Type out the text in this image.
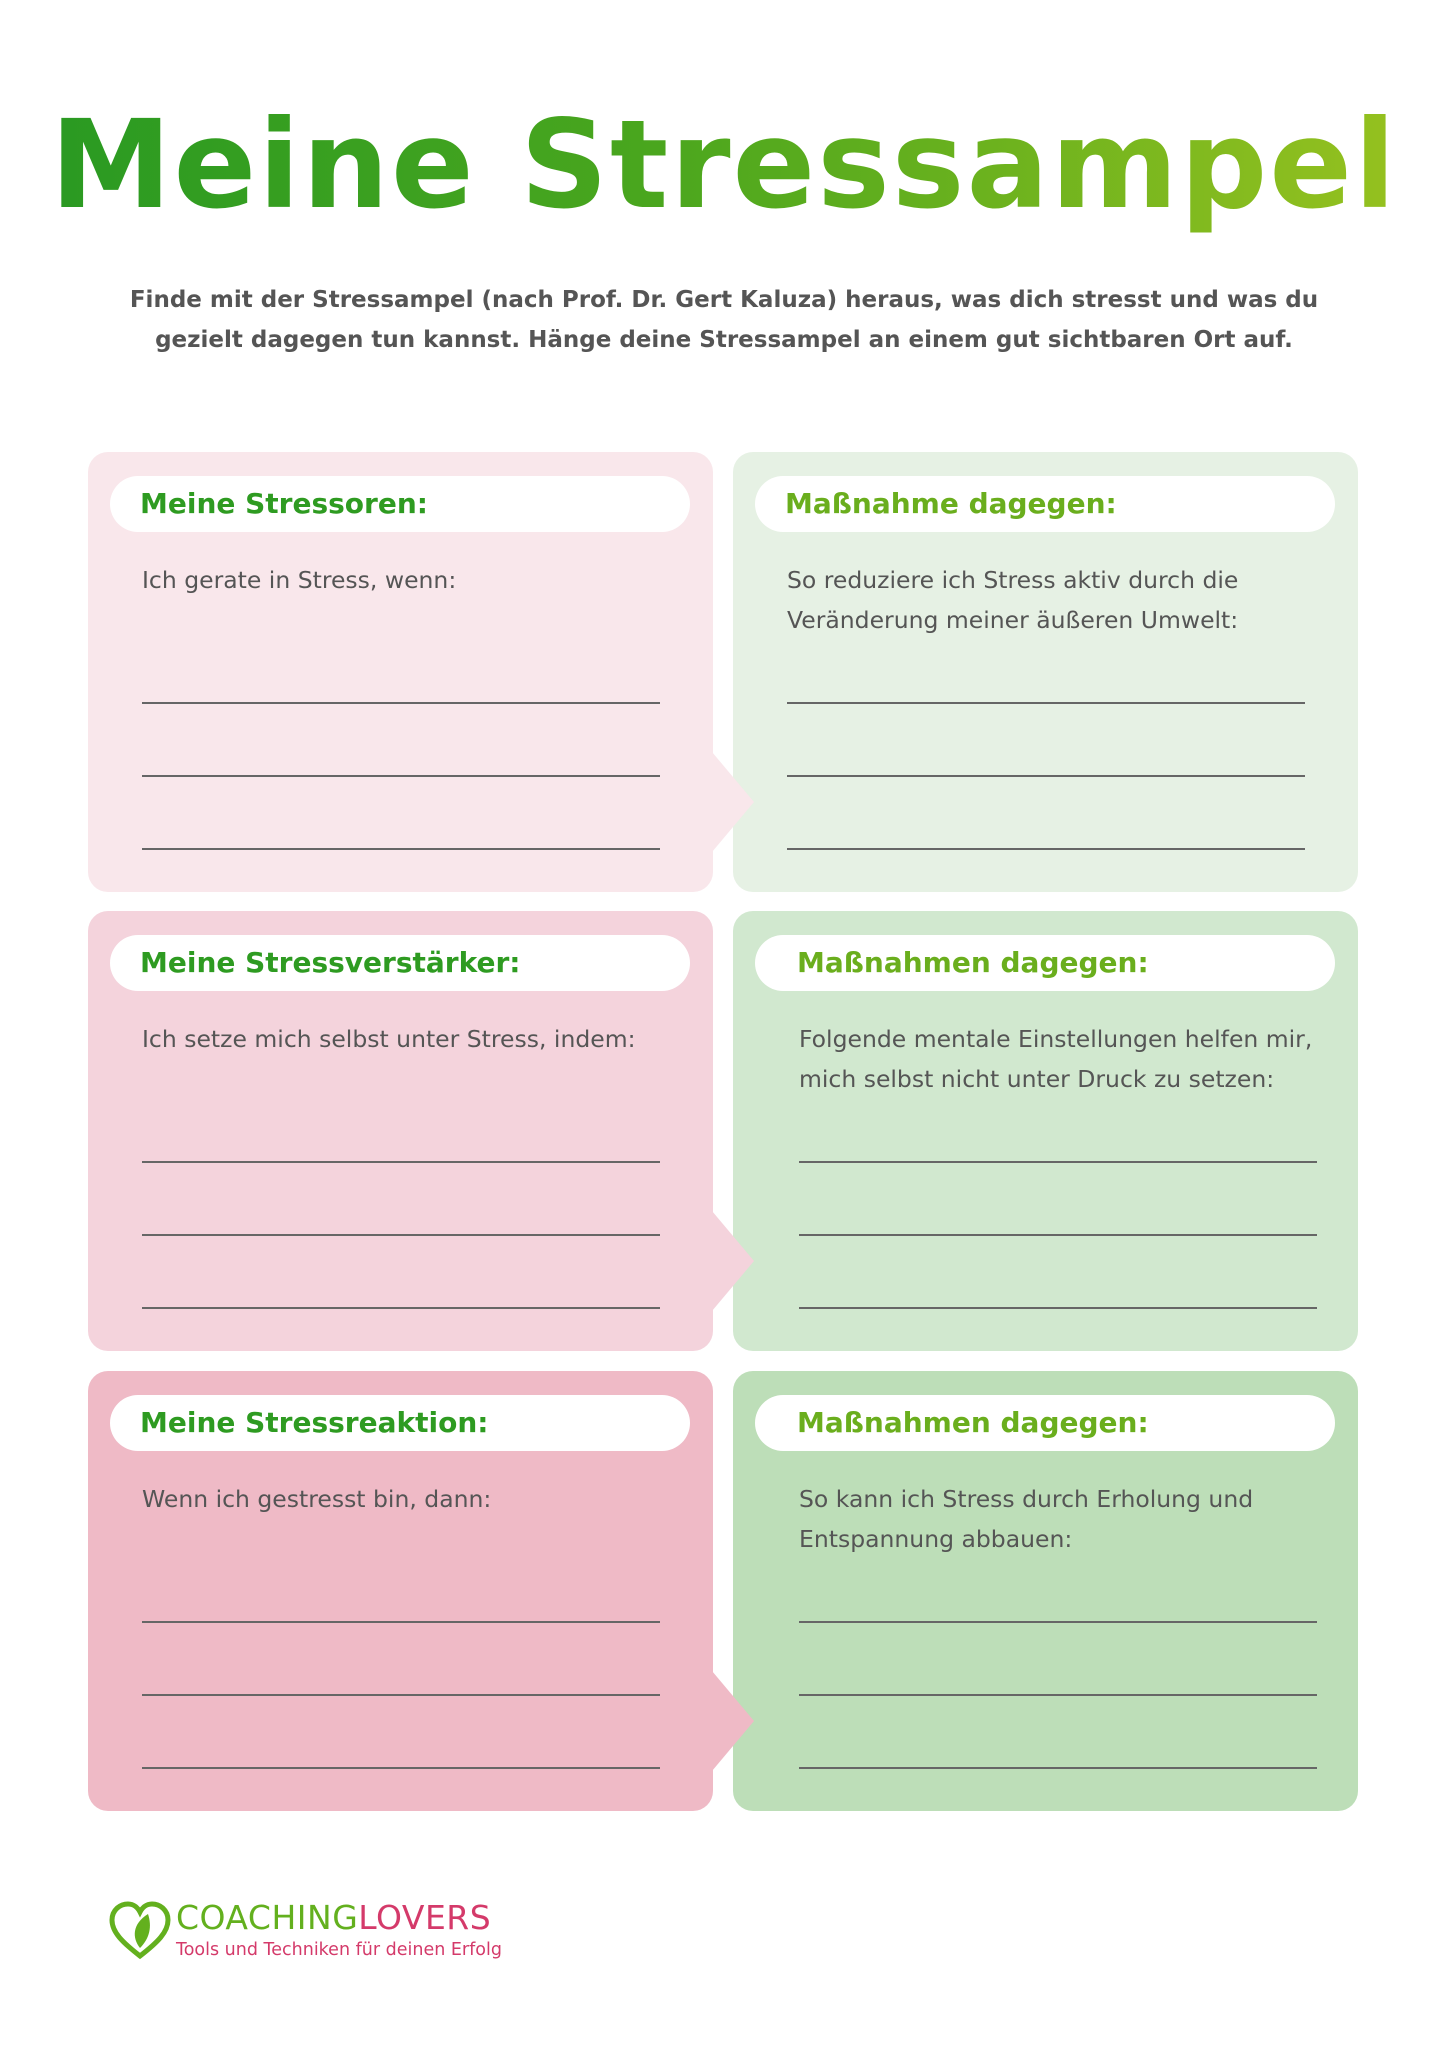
Meine Stressampel

Finde mit der Stressampel (nach Prof. Dr. Gert Kaluza) heraus, was dich stresst und was du gezielt dagegen tun kannst. Hänge deine Stressampel an einem gut sichtbaren Ort auf.

Meine Stressoren:

Ich gerate in Stress, wenn:

Maßnahme dagegen:

So reduziere ich Stress aktiv durch die Veränderung meiner äußeren Umwelt:

Meine Stressverstärker:

Ich setze mich selbst unter Stress, indem:

Maßnahmen dagegen:

Folgende mentale Einstellungen helfen mir, mich selbst nicht unter Druck zu setzen:

Meine Stressreaktion:

Wenn ich gestresst bin, dann:

Maßnahmen dagegen:

So kann ich Stress durch Erholung und Entspannung abbauen:

COACHINGLOVERS
Tools und Techniken für deinen Erfolg
